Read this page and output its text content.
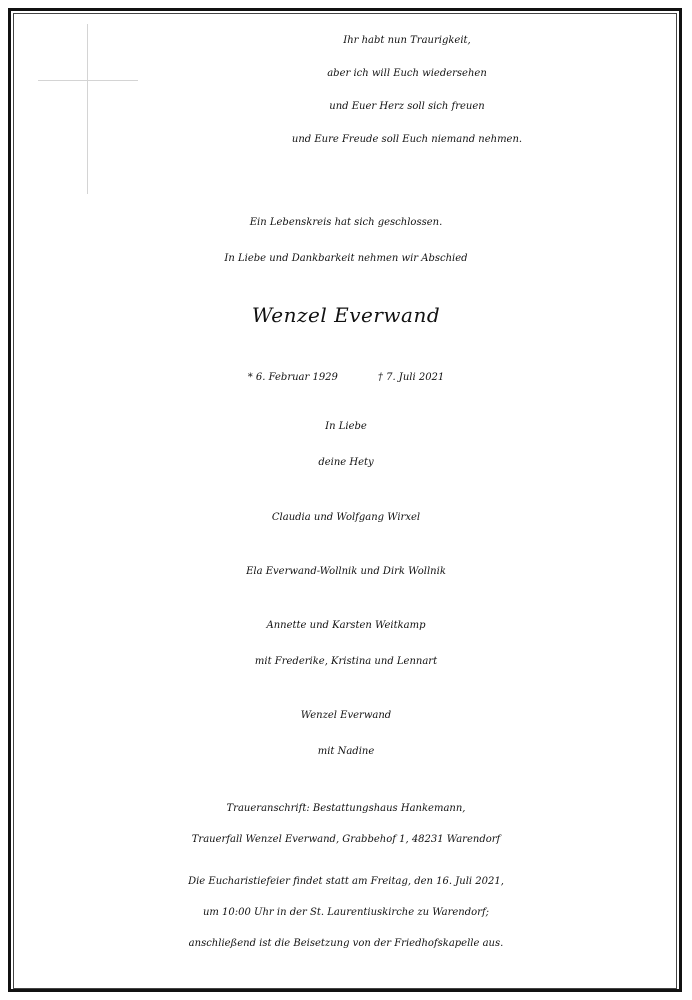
Ihr habt nun Traurigkeit,
aber ich will Euch wiedersehen
und Euer Herz soll sich freuen
und Eure Freude soll Euch niemand nehmen.
Ein Lebenskreis hat sich geschlossen.
In Liebe und Dankbarkeit nehmen wir Abschied
Wenzel Everwand
* 6. Februar 1929	† 7. Juli 2021
In Liebe
deine Hety
Claudia und Wolfgang Wirxel
Ela Everwand-Wollnik und Dirk Wollnik
Annette und Karsten Weitkamp
mit Frederike, Kristina und Lennart
Wenzel Everwand
mit Nadine
Traueranschrift: Bestattungshaus Hankemann,
Trauerfall Wenzel Everwand, Grabbehof 1, 48231 Warendorf
Die Eucharistiefeier findet statt am Freitag, den 16. Juli 2021,
um 10:00 Uhr in der St. Laurentiuskirche zu Warendorf;
anschließend ist die Beisetzung von der Friedhofskapelle aus.
